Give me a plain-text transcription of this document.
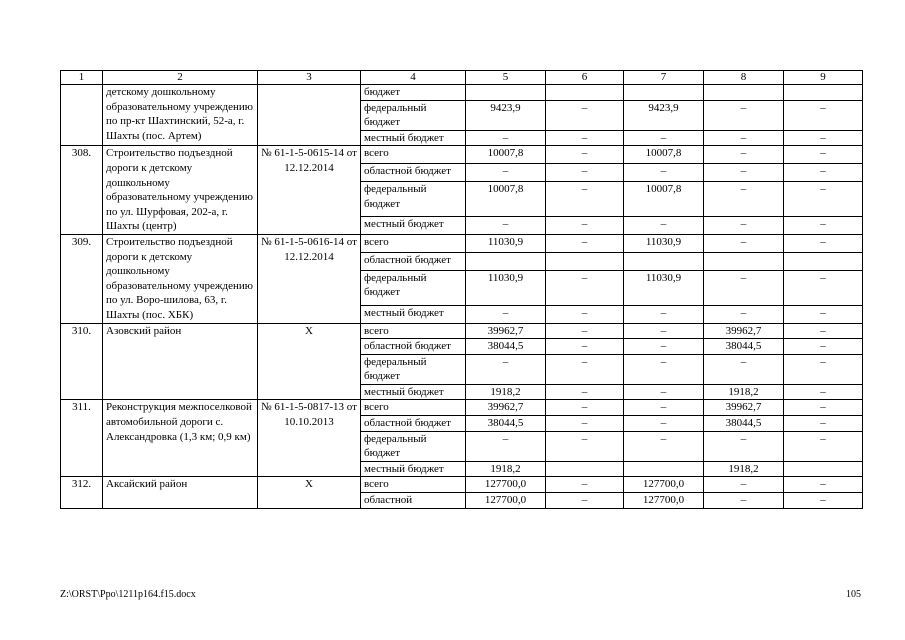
1	2	3	4	5	6	7	8	9
	детскому дошкольному образовательному учреждению по пр-кт Шахтинский, 52-а, г. Шахты (пос. Артем)		бюджет					
			федеральный бюджет	9423,9	–	9423,9	–	–
			местный бюджет	–	–	–	–	–
308.	Строительство подъездной дороги к детскому дошкольному образовательному учреждению по ул. Шурфовая, 202-а, г. Шахты (центр)	№ 61-1-5-0615-14 от 12.12.2014	всего	10007,8	–	10007,8	–	–
			областной бюджет	–	–	–	–	–
			федеральный бюджет	10007,8	–	10007,8	–	–
			местный бюджет	–	–	–	–	–
309.	Строительство подъездной дороги к детскому дошкольному образовательному учреждению по ул. Воро-шилова, 63, г. Шахты (пос. ХБК)	№ 61-1-5-0616-14 от 12.12.2014	всего	11030,9	–	11030,9	–	–
			областной бюджет					
			федеральный бюджет	11030,9	–	11030,9	–	–
			местный бюджет	–	–	–	–	–
310.	Азовский район	Х	всего	39962,7	–	–	39962,7	–
			областной бюджет	38044,5	–	–	38044,5	–
			федеральный бюджет	–	–	–	–	–
			местный бюджет	1918,2	–	–	1918,2	–
311.	Реконструкция межпоселковой автомобильной дороги с. Александровка (1,3 км; 0,9 км)	№ 61-1-5-0817-13 от 10.10.2013	всего	39962,7	–	–	39962,7	–
			областной бюджет	38044,5	–	–	38044,5	–
			федеральный бюджет	–	–	–	–	–
			местный бюджет	1918,2			1918,2	
312.	Аксайский район	Х	всего	127700,0	–	127700,0	–	–
			областной	127700,0	–	127700,0	–	–
Z:\ORST\Ppo\1211p164.f15.docx	105
